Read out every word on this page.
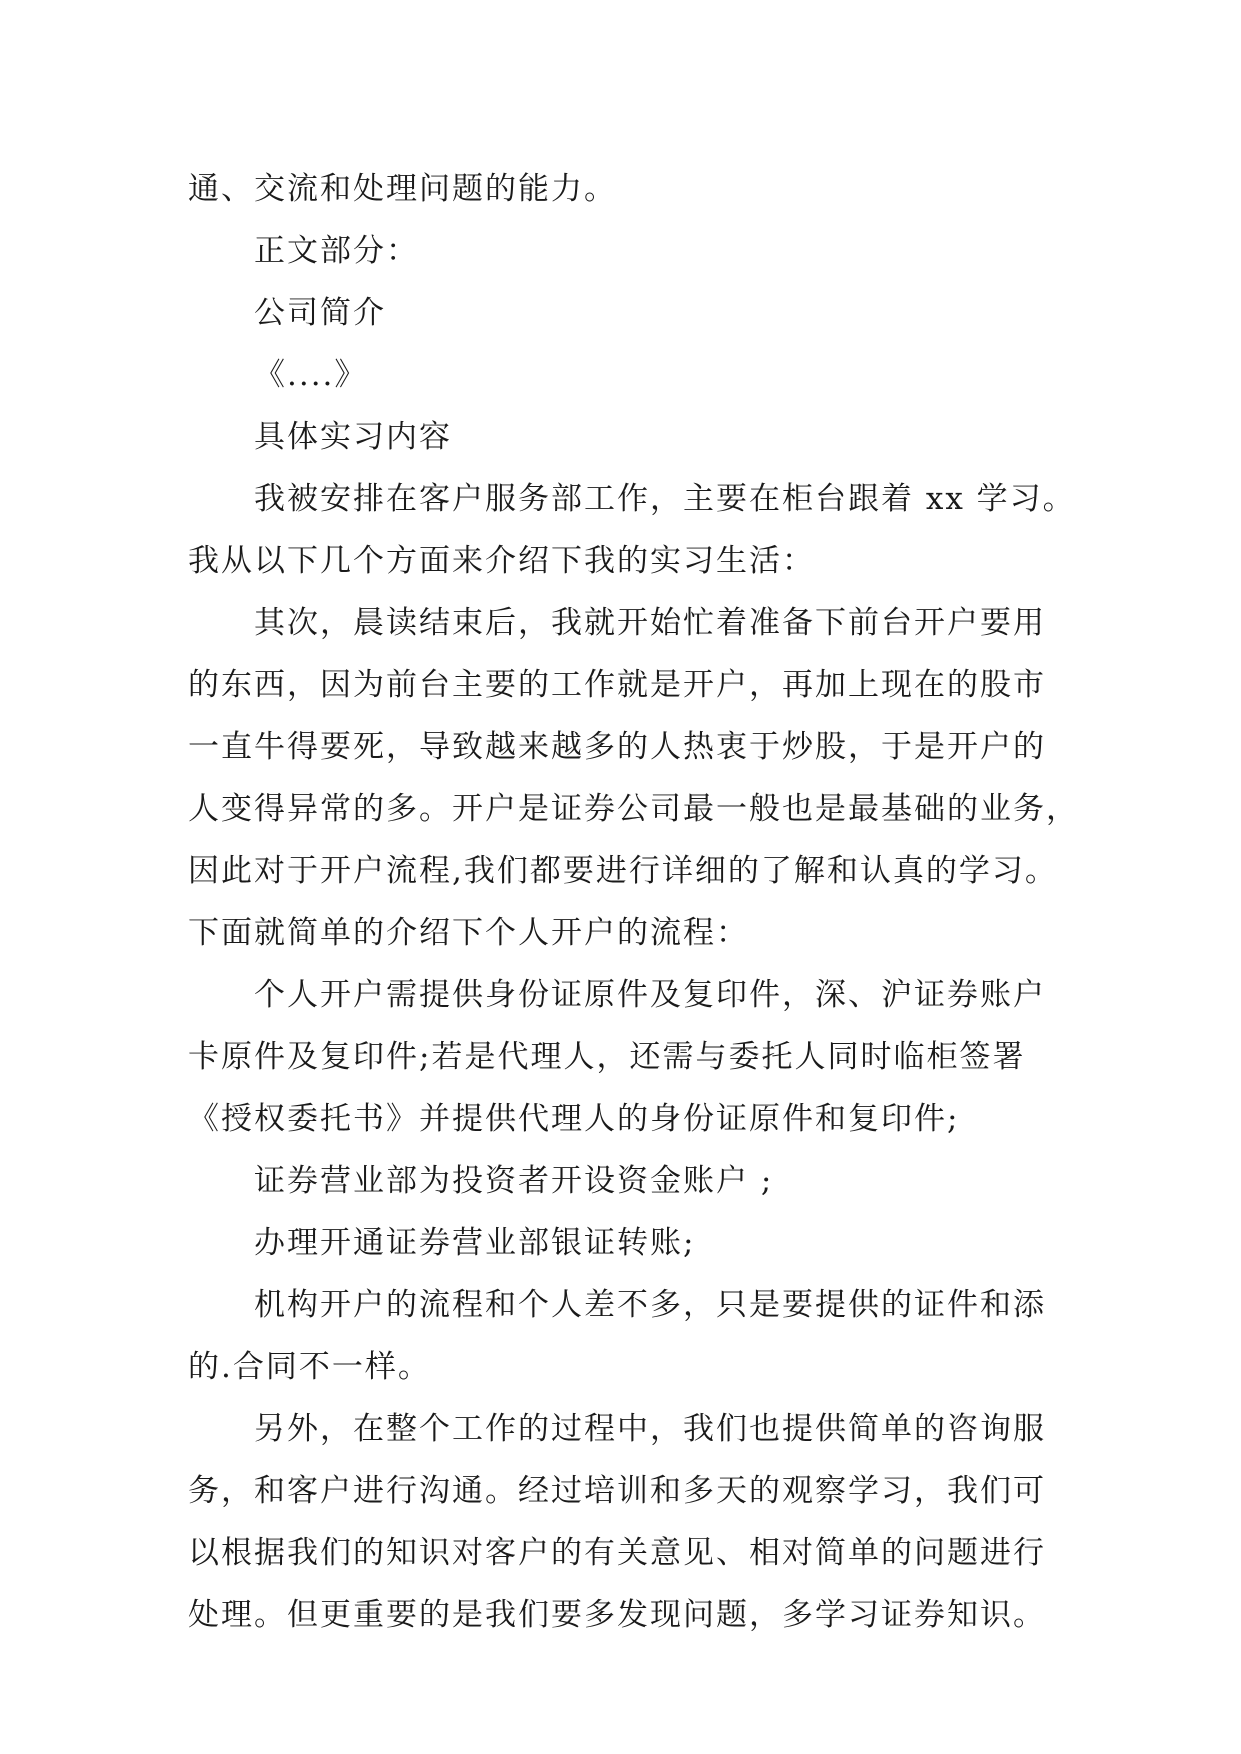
通、交流和处理问题的能力。
正文部分：
公司简介
《....》
具体实习内容
我被安排在客户服务部工作，主要在柜台跟着 xx 学习。
我从以下几个方面来介绍下我的实习生活：
其次，晨读结束后，我就开始忙着准备下前台开户要用
的东西，因为前台主要的工作就是开户，再加上现在的股市
一直牛得要死，导致越来越多的人热衷于炒股，于是开户的
人变得异常的多。开户是证券公司最一般也是最基础的业务，
因此对于开户流程,我们都要进行详细的了解和认真的学习。
下面就简单的介绍下个人开户的流程：
个人开户需提供身份证原件及复印件，深、沪证券账户
卡原件及复印件;若是代理人，还需与委托人同时临柜签署
《授权委托书》并提供代理人的身份证原件和复印件;
证券营业部为投资者开设资金账户 ;
办理开通证券营业部银证转账;
机构开户的流程和个人差不多，只是要提供的证件和添
的.合同不一样。
另外，在整个工作的过程中，我们也提供简单的咨询服
务，和客户进行沟通。经过培训和多天的观察学习，我们可
以根据我们的知识对客户的有关意见、相对简单的问题进行
处理。但更重要的是我们要多发现问题，多学习证券知识。
